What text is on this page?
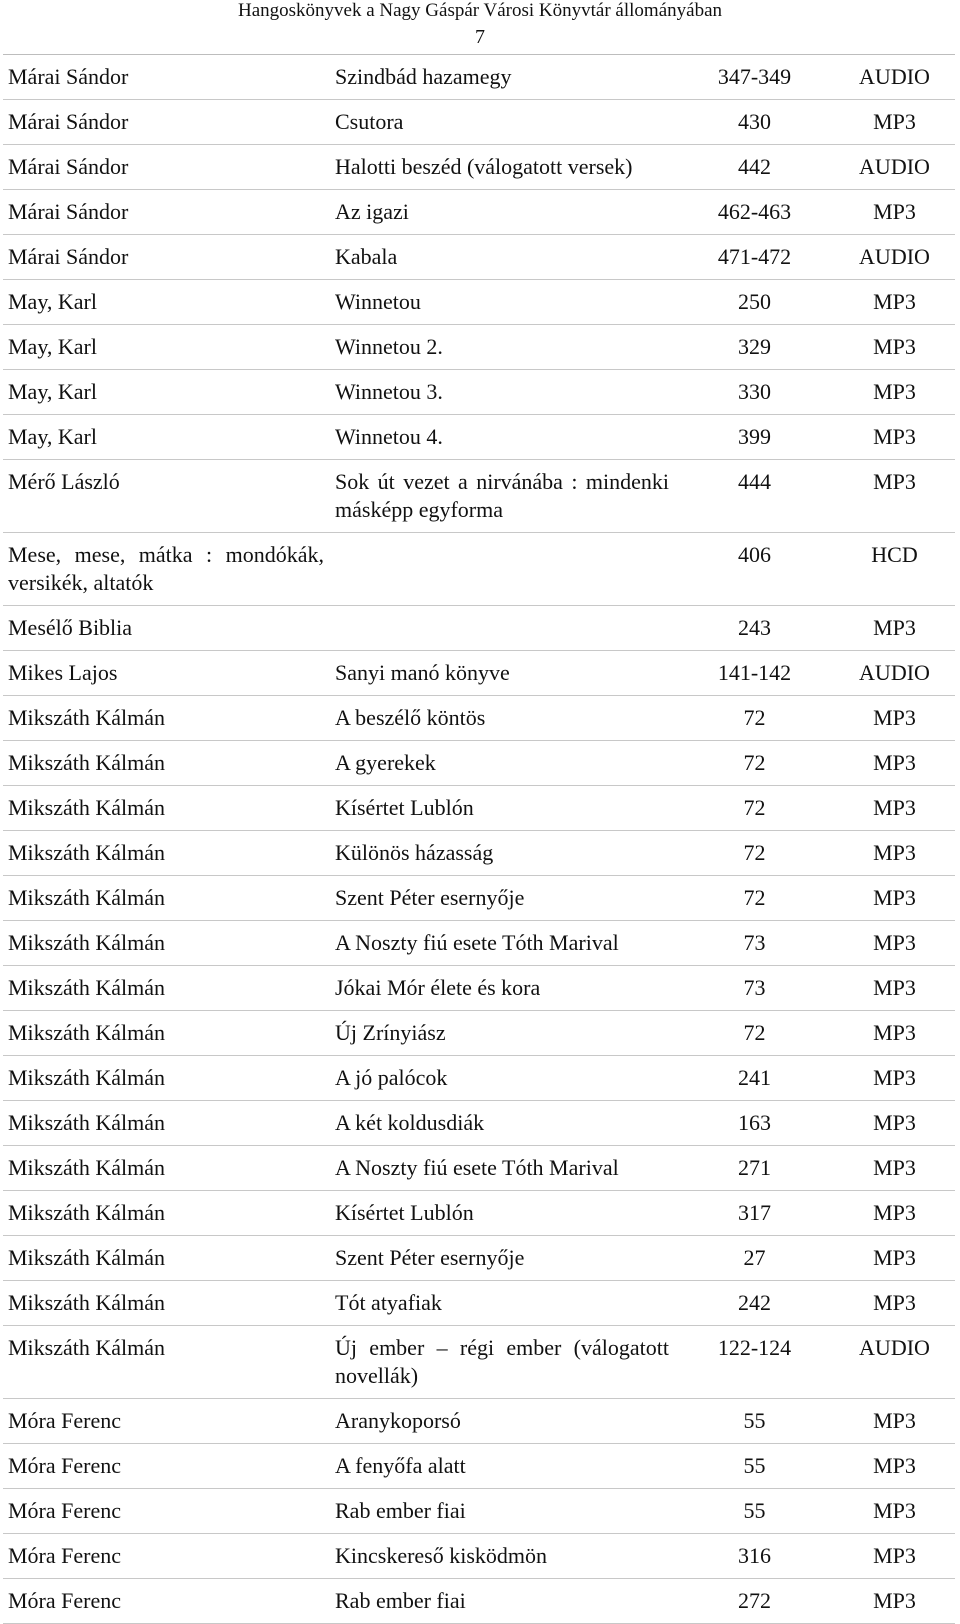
Hangoskönyvek a Nagy Gáspár Városi Könyvtár állományában
7
Márai Sándor	Szindbád hazamegy	347-349	AUDIO
Márai Sándor	Csutora	430	MP3
Márai Sándor	Halotti beszéd (válogatott versek)	442	AUDIO
Márai Sándor	Az igazi	462-463	MP3
Márai Sándor	Kabala	471-472	AUDIO
May, Karl	Winnetou	250	MP3
May, Karl	Winnetou 2.	329	MP3
May, Karl	Winnetou 3.	330	MP3
May, Karl	Winnetou 4.	399	MP3
Mérő László	Sok út vezet a nirvánába : mindenki másképp egyforma	444	MP3
Mese, mese, mátka : mondókák, versikék, altatók		406	HCD
Mesélő Biblia		243	MP3
Mikes Lajos	Sanyi manó könyve	141-142	AUDIO
Mikszáth Kálmán	A beszélő köntös	72	MP3
Mikszáth Kálmán	A gyerekek	72	MP3
Mikszáth Kálmán	Kísértet Lublón	72	MP3
Mikszáth Kálmán	Különös házasság	72	MP3
Mikszáth Kálmán	Szent Péter esernyője	72	MP3
Mikszáth Kálmán	A Noszty fiú esete Tóth Marival	73	MP3
Mikszáth Kálmán	Jókai Mór élete és kora	73	MP3
Mikszáth Kálmán	Új Zrínyiász	72	MP3
Mikszáth Kálmán	A jó palócok	241	MP3
Mikszáth Kálmán	A két koldusdiák	163	MP3
Mikszáth Kálmán	A Noszty fiú esete Tóth Marival	271	MP3
Mikszáth Kálmán	Kísértet Lublón	317	MP3
Mikszáth Kálmán	Szent Péter esernyője	27	MP3
Mikszáth Kálmán	Tót atyafiak	242	MP3
Mikszáth Kálmán	Új ember – régi ember (válogatott novellák)	122-124	AUDIO
Móra Ferenc	Aranykoporsó	55	MP3
Móra Ferenc	A fenyőfa alatt	55	MP3
Móra Ferenc	Rab ember fiai	55	MP3
Móra Ferenc	Kincskereső kisködmön	316	MP3
Móra Ferenc	Rab ember fiai	272	MP3
